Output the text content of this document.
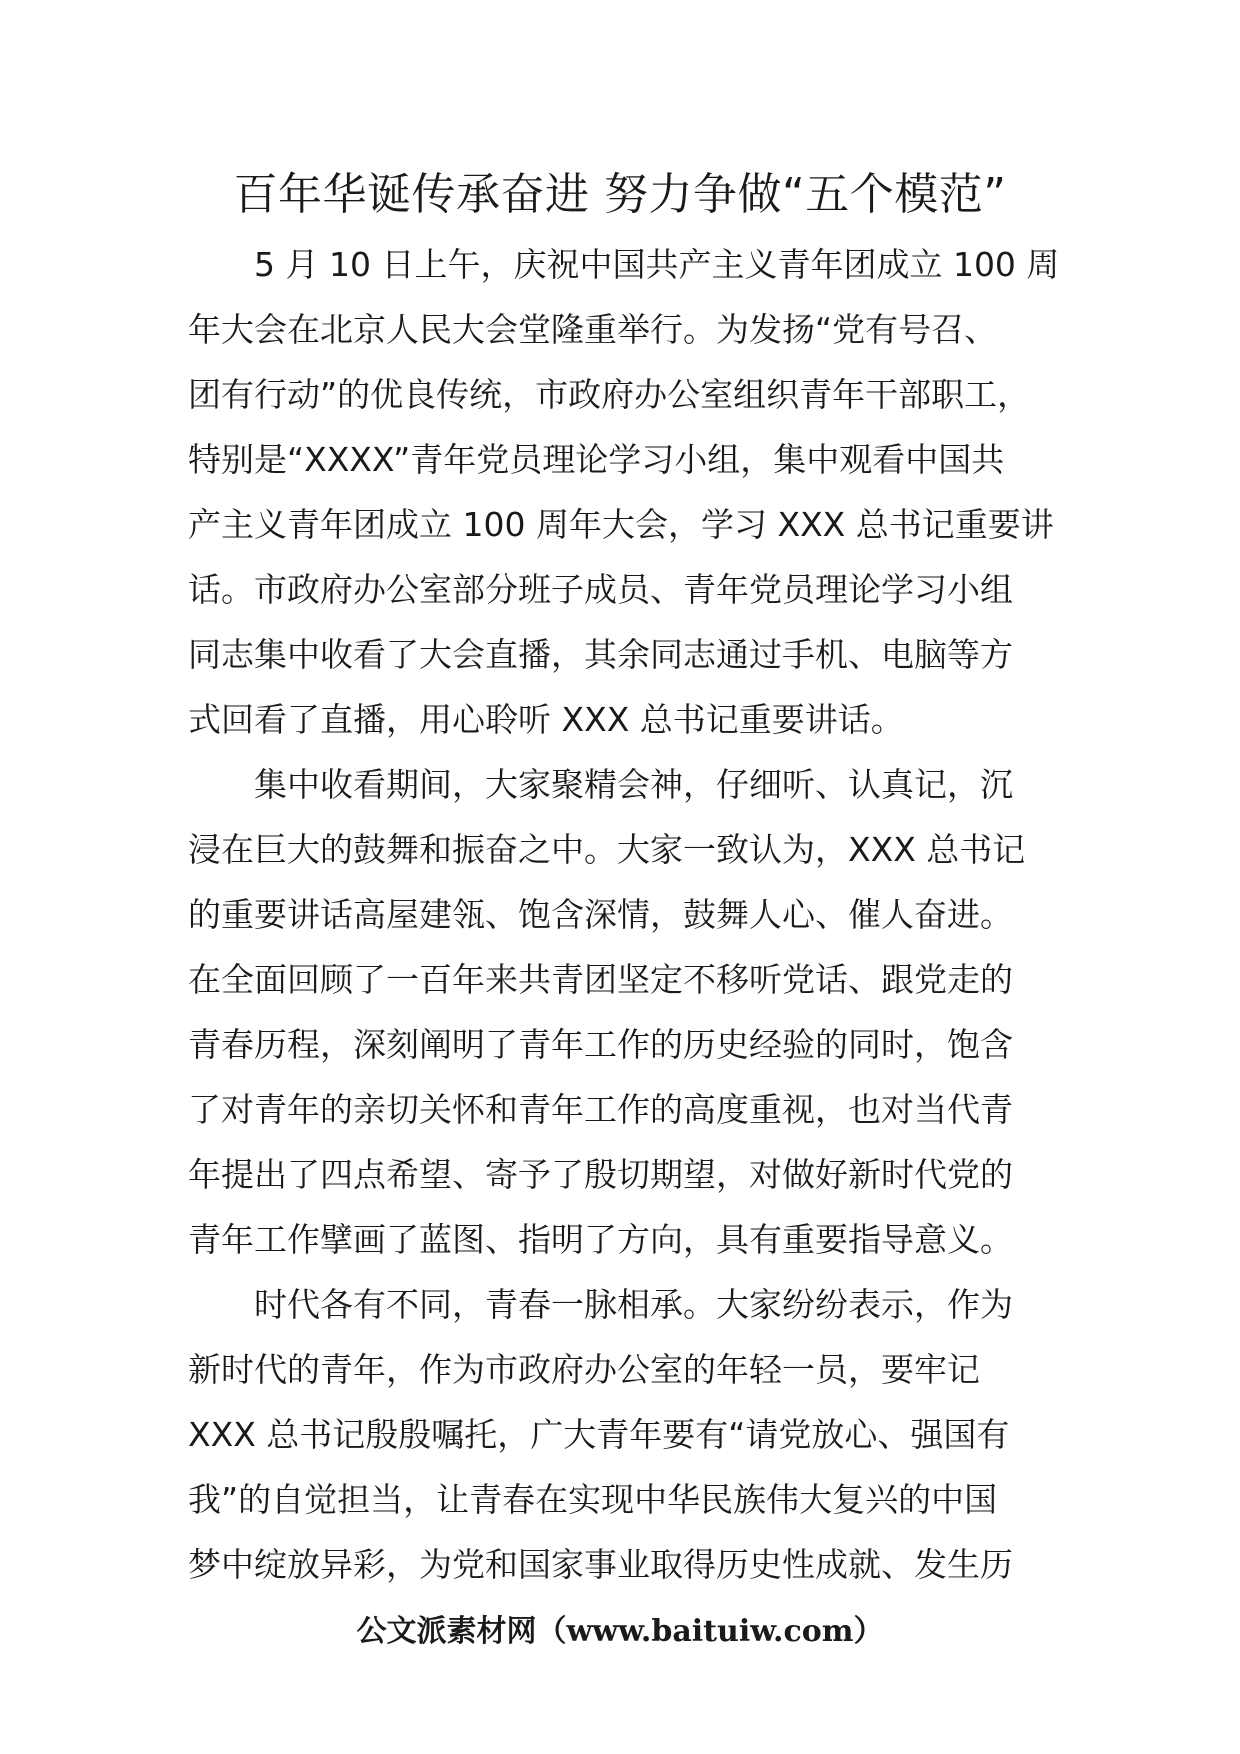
百年华诞传承奋进 努力争做“五个模范”
5 月 10 日上午，庆祝中国共产主义青年团成立 100 周
年大会在北京人民大会堂隆重举行。为发扬“党有号召、
团有行动”的优良传统，市政府办公室组织青年干部职工，
特别是“XXXX”青年党员理论学习小组，集中观看中国共
产主义青年团成立 100 周年大会，学习 XXX 总书记重要讲
话。市政府办公室部分班子成员、青年党员理论学习小组
同志集中收看了大会直播，其余同志通过手机、电脑等方
式回看了直播，用心聆听 XXX 总书记重要讲话。
集中收看期间，大家聚精会神，仔细听、认真记，沉
浸在巨大的鼓舞和振奋之中。大家一致认为，XXX 总书记
的重要讲话高屋建瓴、饱含深情，鼓舞人心、催人奋进。
在全面回顾了一百年来共青团坚定不移听党话、跟党走的
青春历程，深刻阐明了青年工作的历史经验的同时，饱含
了对青年的亲切关怀和青年工作的高度重视，也对当代青
年提出了四点希望、寄予了殷切期望，对做好新时代党的
青年工作擘画了蓝图、指明了方向，具有重要指导意义。
时代各有不同，青春一脉相承。大家纷纷表示，作为
新时代的青年，作为市政府办公室的年轻一员，要牢记
XXX 总书记殷殷嘱托，广大青年要有“请党放心、强国有
我”的自觉担当，让青春在实现中华民族伟大复兴的中国
梦中绽放异彩，为党和国家事业取得历史性成就、发生历
公文派素材网（www.baituiw.com）
